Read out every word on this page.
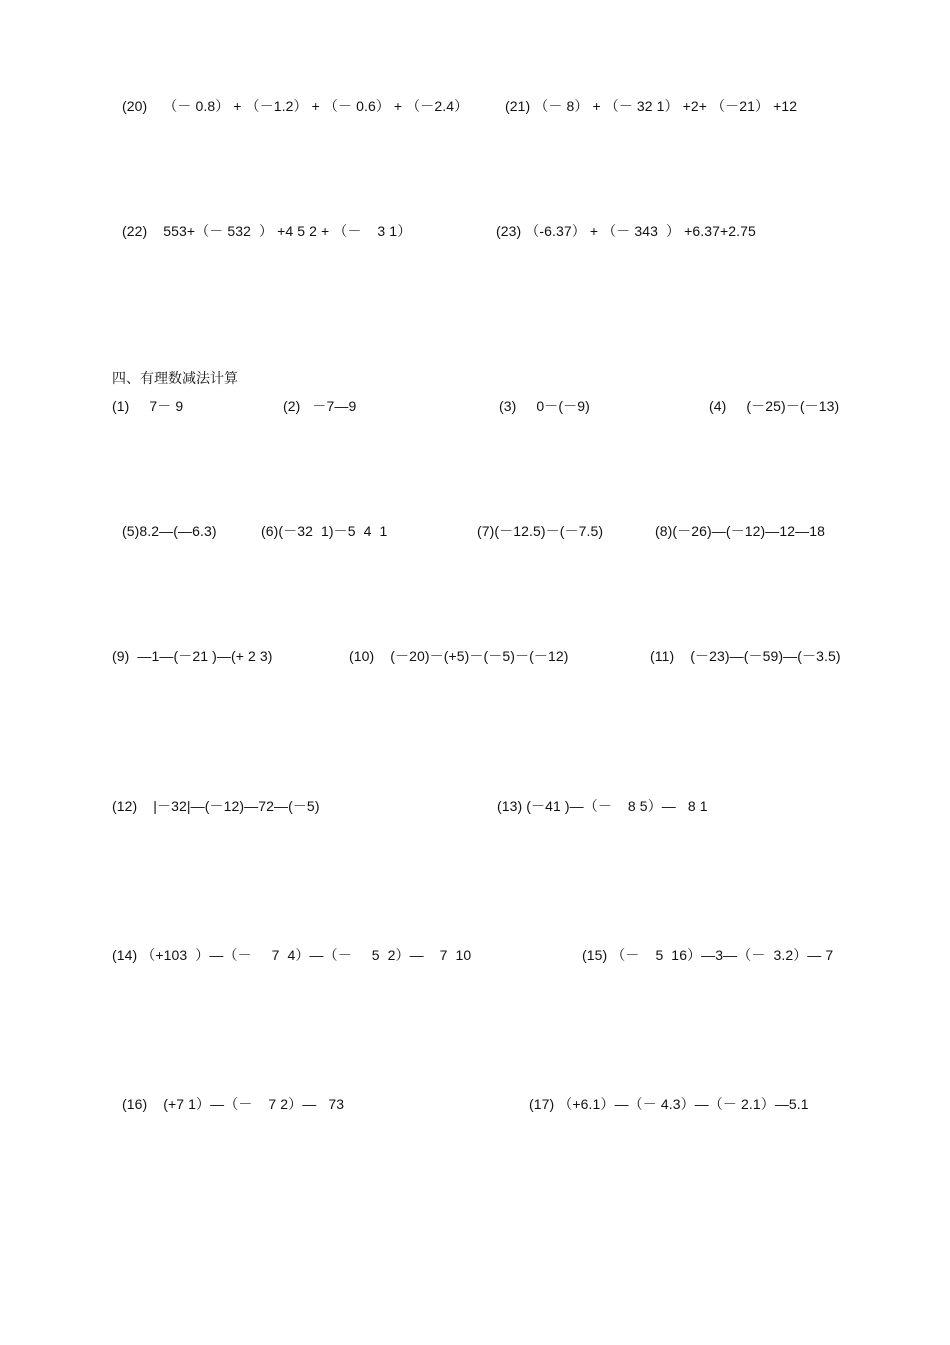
(20)    （－ 0.8） + （－1.2） + （－ 0.6） + （－2.4）	(21) （－ 8） + （－ 32 1） +2+ （－21） +12
(22)    553+（－ 532  ） +4 5 2 + （－    3 1）	(23) （-6.37） + （－ 343  ） +6.37+2.75
四、有理数减法计算
(1)     7－ 9	(2)   －7—9	(3)     0－(－9)	(4)     (－25)－(－13)
(5)8.2—(—6.3)	(6)(－32  1)－5  4  1	(7)(－12.5)－(－7.5)	(8)(－26)—(－12)—12—18
(9)  —1—(－21 )—(+ 2 3)	(10)    (－20)－(+5)－(－5)－(－12)	(11)    (－23)—(－59)—(－3.5)
(12)    |－32|—(－12)—72—(－5)	(13) (－41 )—（－    8 5）—   8 1
(14) （+103  ）—（－     7  4）—（－     5  2）—    7  10	(15) （－    5  16）—3—（－  3.2）— 7
(16)    (+7 1）—（－    7 2）—   73	(17) （+6.1）—（－ 4.3）—（－ 2.1）—5.1
